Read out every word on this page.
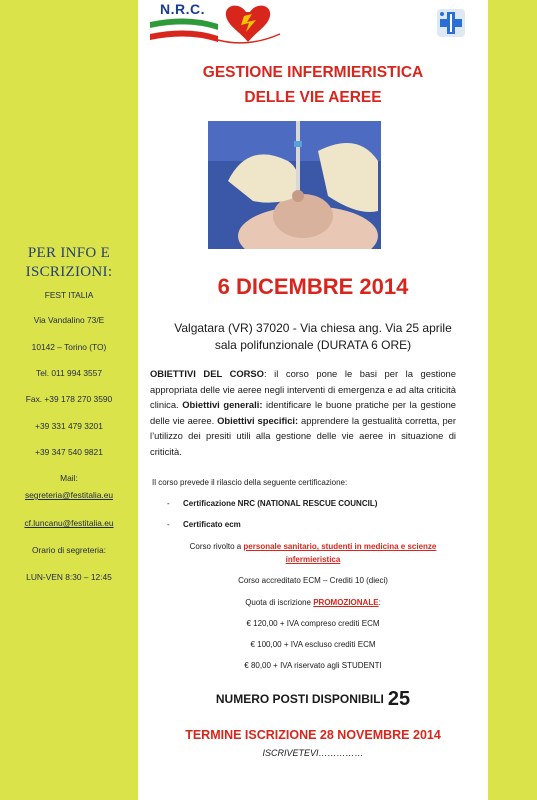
PER INFO E
ISCRIZIONI:
FEST ITALIA
Via Vandalino 73/E
10142 – Torino (TO)
Tel. 011 994 3557
Fax. +39 178 270 3590
+39 331 479 3201
+39 347 540 9821
Mail:
segreteria@festitalia.eu
cf.luncanu@festitalia.eu
Orario di segreteria:
LUN-VEN 8:30 – 12:45
N.R.C.
GESTIONE INFERMIERISTICA
DELLE VIE AEREE
6 DICEMBRE 2014
Valgatara (VR) 37020 - Via chiesa ang. Via 25 aprile
sala polifunzionale (DURATA 6 ORE)
OBIETTIVI DEL CORSO: il corso pone le basi per la gestione appropriata delle vie aeree negli interventi di emergenza e ad alta criticità clinica. Obiettivi generali: identificare le buone pratiche per la gestione delle vie aeree. Obiettivi specifici: apprendere la gestualità corretta, per l’utilizzo dei presiti utili alla gestione delle vie aeree in situazione di criticità.
Il corso prevede il rilascio della seguente certificazione:
- Certificazione NRC (NATIONAL RESCUE COUNCIL)
- Certificato ecm
Corso rivolto a personale sanitario, studenti in medicina e scienze
infermieristica
Corso accreditato ECM – Crediti 10 (dieci)
Quota di iscrizione PROMOZIONALE:
€ 120,00 + IVA compreso crediti ECM
€ 100,00 + IVA escluso crediti ECM
€ 80,00 + IVA riservato agli STUDENTI
NUMERO POSTI DISPONIBILI 25
TERMINE ISCRIZIONE 28 NOVEMBRE 2014
ISCRIVETEVI……………
